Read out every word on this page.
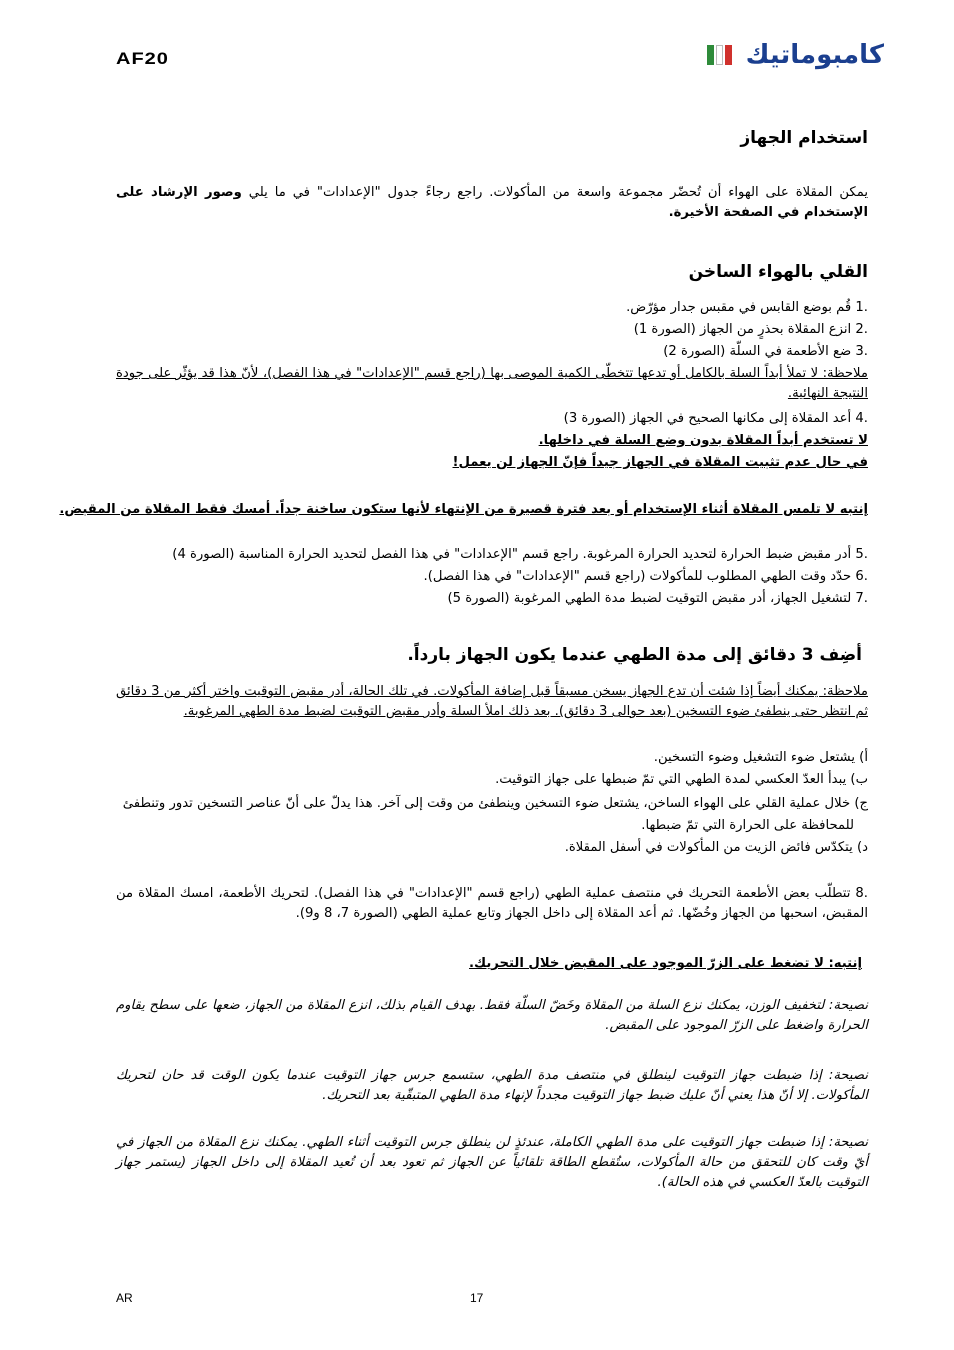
AF20	كامبوماتيك
استخدام الجهاز
يمكن المقلاة على الهواء أن تُحضّر مجموعة واسعة من المأكولات. راجع رجاءً جدول "الإعدادات" في ما يلي وصور الإرشاد على الإستخدام في الصفحة الأخيرة.
القلي بالهواء الساخن
.1 قُم بوضع القابس في مقبس جدار مؤرّض.
.2 انزع المقلاة بحذرٍ من الجهاز (الصورة 1)
.3 ضع الأطعمة في السلّة (الصورة 2)
ملاحظة: لا تملأ أبداً السلة بالكامل أو تدعها تتخطّى الكمية الموصى بها (راجع قسم "الإعدادات" في هذا الفصل)، لأنّ هذا قد يؤثّر على جودة النتيجة النهائية.
.4 أعد المقلاة إلى مكانها الصحيح في الجهاز (الصورة 3)
لا تستخدم أبداً المقلاة بدون وضع السلة في داخلها.
في حال عدم تثبيت المقلاة في الجهاز جيداً فإنّ الجهاز لن يعمل!
إنتبه لا تلمس المقلاة أثناء الإستخدام أو بعد فترة قصيرة من الإنتهاء لأنها ستكون ساخنة جداً. أمسك فقط المقلاة من المقبض.
.5 أدر مقبض ضبط الحرارة لتحديد الحرارة المرغوبة. راجع قسم "الإعدادات" في هذا الفصل لتحديد الحرارة المناسبة (الصورة 4)
.6 حدّد وقت الطهي المطلوب للمأكولات (راجع قسم "الإعدادات" في هذا الفصل).
.7 لتشغيل الجهاز، أدر مقبض التوقيت لضبط مدة الطهي المرغوبة (الصورة 5)
أضِف 3 دقائق إلى مدة الطهي عندما يكون الجهاز بارداً.
ملاحظة: يمكنك أيضاً إذا شئت أن تدع الجهاز يسخن مسبقاً قبل إضافة المأكولات. في تلك الحالة، أدر مقبض التوقيت واختر أكثر من 3 دقائق ثم انتظر حتى ينطفئ ضوء التسخين (بعد حوالى 3 دقائق). بعد ذلك املأ السلة وأدر مقبض التوقيت لضبط مدة الطهي المرغوبة.
أ) يشتعل ضوء التشغيل وضوء التسخين.
ب) يبدأ العدّ العكسي لمدة الطهي التي تمّ ضبطها على جهاز التوقيت.
ج) خلال عملية القلي على الهواء الساخن، يشتعل ضوء التسخين وينطفئ من وقت إلى آخر. هذا يدلّ على أنّ عناصر التسخين تدور وتنطفئ
للمحافظة على الحرارة التي تمّ ضبطها.
د) يتكدّس فائض الزيت من المأكولات في أسفل المقلاة.
.8 تتطلّب بعض الأطعمة التحريك في منتصف عملية الطهي (راجع قسم "الإعدادات" في هذا الفصل). لتحريك الأطعمة، امسك المقلاة من المقبض، اسحبها من الجهاز وخُضّها. ثم أعد المقلاة إلى داخل الجهاز وتابع عملية الطهي (الصورة 7، 8 و9).
إنتبه: لا تضغط على الزرّ الموجود على المقبض خلال التحريك.
نصيحة: لتخفيف الوزن، يمكنك نزع السلة من المقلاة وخَضّ السلّة فقط. بهدف القيام بذلك، انزع المقلاة من الجهاز، ضعها على سطح يقاوم الحرارة واضغط على الزرّ الموجود على المقبض.
نصيحة: إذا ضبطت جهاز التوقيت لينطلق في منتصف مدة الطهي، ستسمع جرس جهاز التوقيت عندما يكون الوقت قد حان لتحريك المأكولات. إلا أنّ هذا يعني أنّ عليك ضبط جهاز التوقيت مجدداً لإنهاء مدة الطهي المتبقّية بعد التحريك.
نصيحة: إذا ضبطت جهاز التوقيت على مدة الطهي الكاملة، عندئذٍ لن ينطلق جرس التوقيت أثناء الطهي. يمكنك نزع المقلاة من الجهاز في أيّ وقت كان للتحقق من حالة المأكولات، ستُقطع الطاقة تلقائياً عن الجهاز ثم تعود بعد أن تُعيد المقلاة إلى داخل الجهاز (يستمر جهاز التوقيت بالعدّ العكسي في هذه الحالة).
AR	17
